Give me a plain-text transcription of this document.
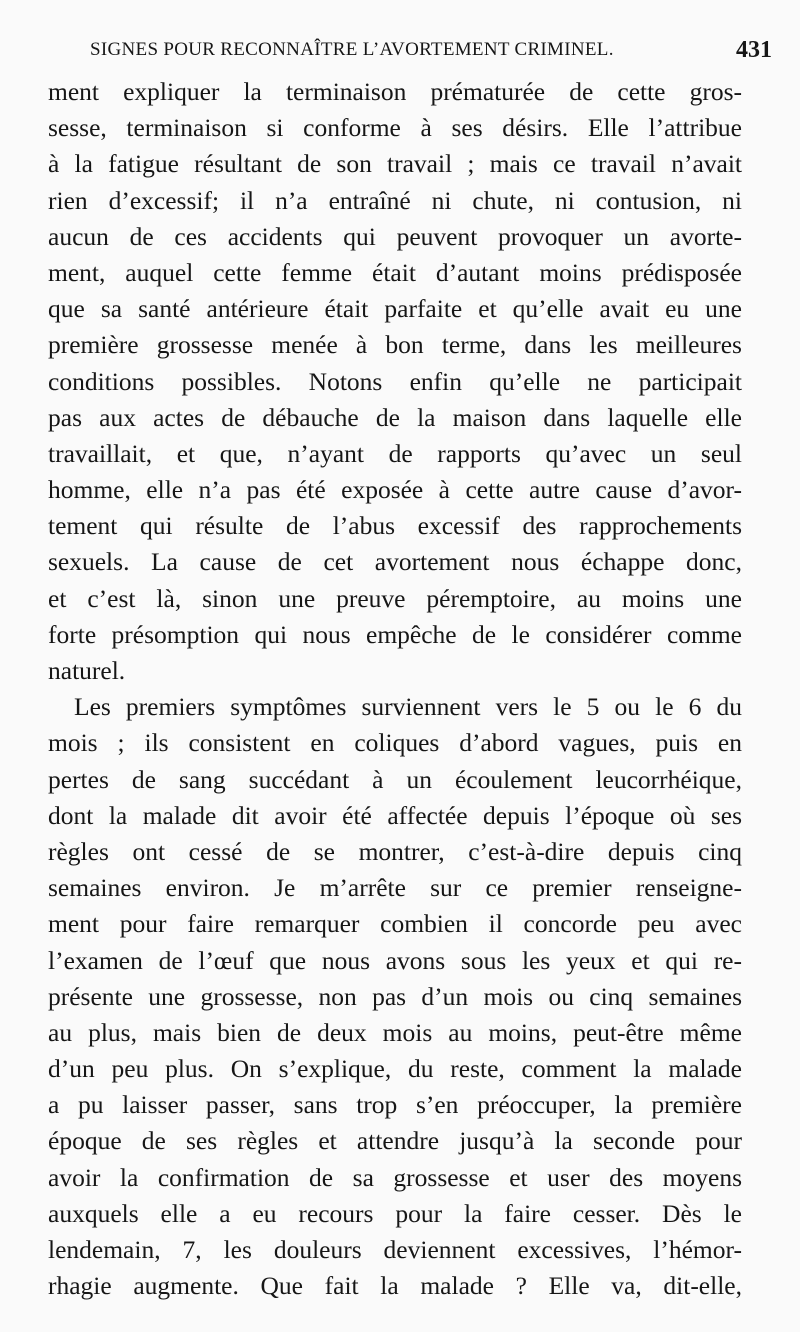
SIGNES POUR RECONNAÎTRE L’AVORTEMENT CRIMINEL.	431
ment expliquer la terminaison prématurée de cette gros-
sesse, terminaison si conforme à ses désirs. Elle l’attribue
à la fatigue résultant de son travail ; mais ce travail n’avait
rien d’excessif; il n’a entraîné ni chute, ni contusion, ni
aucun de ces accidents qui peuvent provoquer un avorte-
ment, auquel cette femme était d’autant moins prédisposée
que sa santé antérieure était parfaite et qu’elle avait eu une
première grossesse menée à bon terme, dans les meilleures
conditions possibles. Notons enfin qu’elle ne participait
pas aux actes de débauche de la maison dans laquelle elle
travaillait, et que, n’ayant de rapports qu’avec un seul
homme, elle n’a pas été exposée à cette autre cause d’avor-
tement qui résulte de l’abus excessif des rapprochements
sexuels. La cause de cet avortement nous échappe donc,
et c’est là, sinon une preuve péremptoire, au moins une
forte présomption qui nous empêche de le considérer comme
naturel.
Les premiers symptômes surviennent vers le 5 ou le 6 du
mois ; ils consistent en coliques d’abord vagues, puis en
pertes de sang succédant à un écoulement leucorrhéique,
dont la malade dit avoir été affectée depuis l’époque où ses
règles ont cessé de se montrer, c’est-à-dire depuis cinq
semaines environ. Je m’arrête sur ce premier renseigne-
ment pour faire remarquer combien il concorde peu avec
l’examen de l’œuf que nous avons sous les yeux et qui re-
présente une grossesse, non pas d’un mois ou cinq semaines
au plus, mais bien de deux mois au moins, peut-être même
d’un peu plus. On s’explique, du reste, comment la malade
a pu laisser passer, sans trop s’en préoccuper, la première
époque de ses règles et attendre jusqu’à la seconde pour
avoir la confirmation de sa grossesse et user des moyens
auxquels elle a eu recours pour la faire cesser. Dès le
lendemain, 7, les douleurs deviennent excessives, l’hémor-
rhagie augmente. Que fait la malade ? Elle va, dit-elle,
